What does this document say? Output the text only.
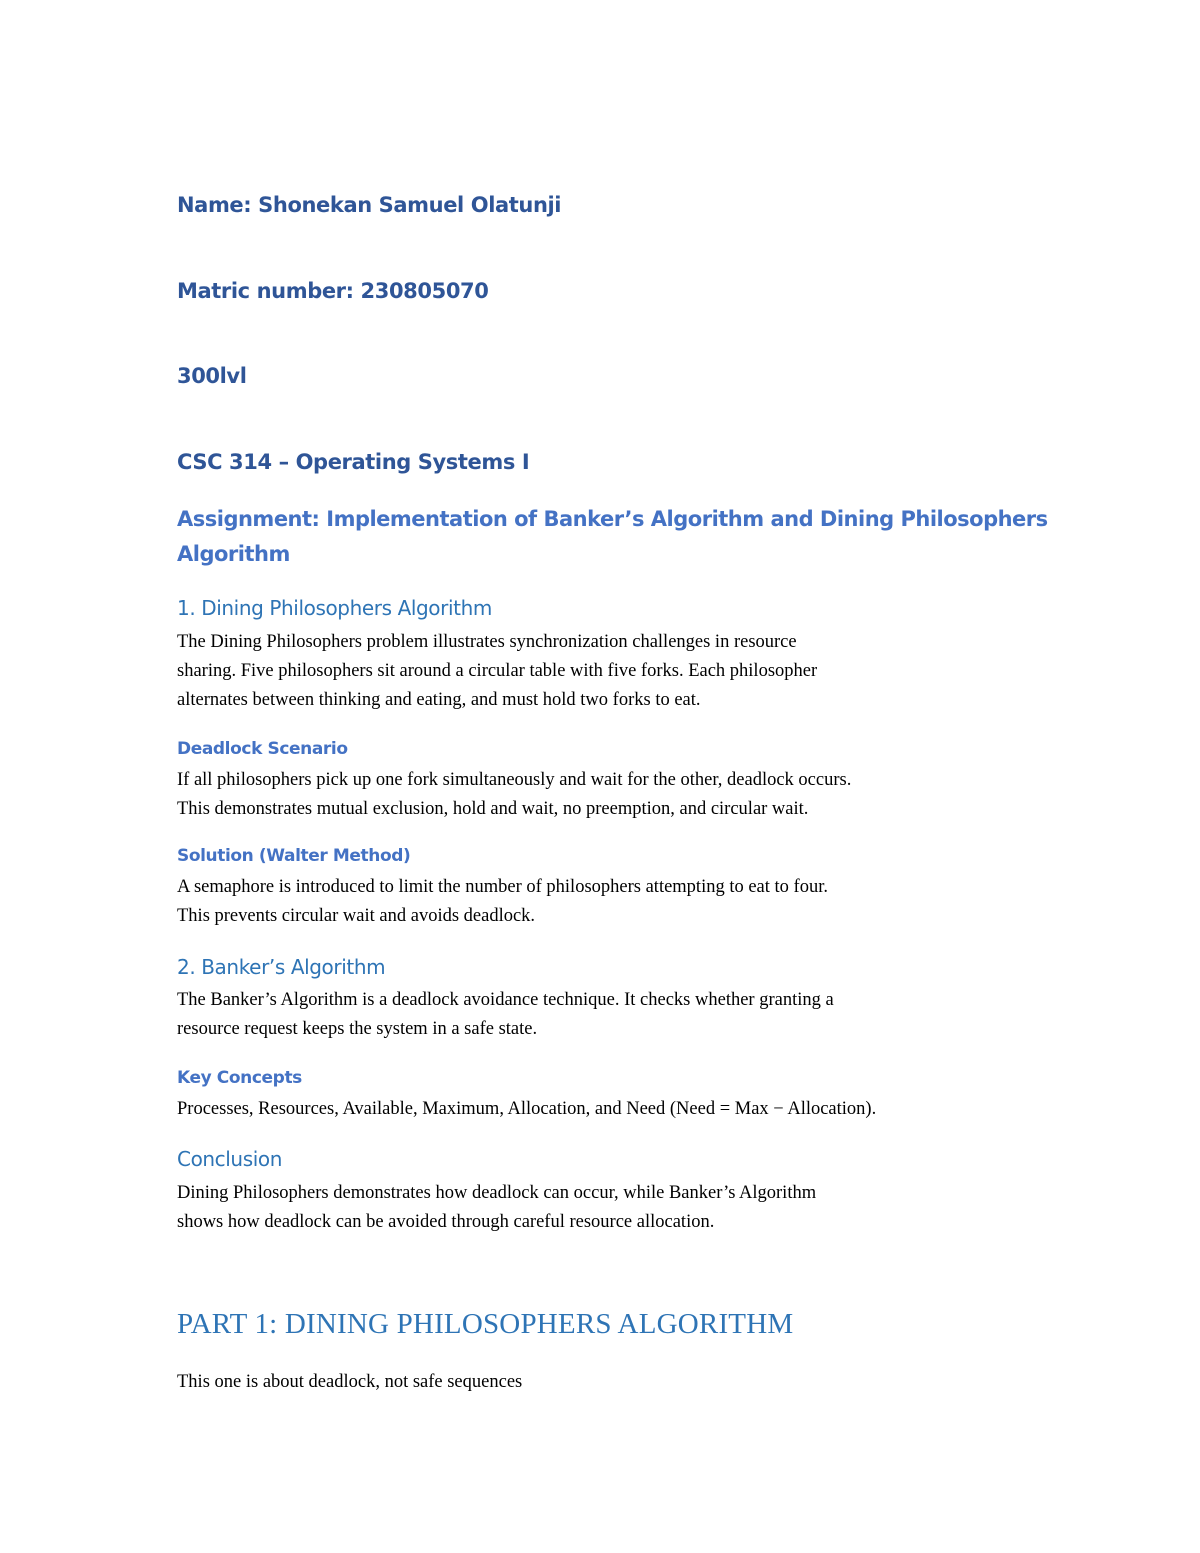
Name: Shonekan Samuel Olatunji

Matric number: 230805070

300lvl

CSC 314 – Operating Systems I

Assignment: Implementation of Banker’s Algorithm and Dining Philosophers
Algorithm

1. Dining Philosophers Algorithm

The Dining Philosophers problem illustrates synchronization challenges in resource
sharing. Five philosophers sit around a circular table with five forks. Each philosopher
alternates between thinking and eating, and must hold two forks to eat.

Deadlock Scenario

If all philosophers pick up one fork simultaneously and wait for the other, deadlock occurs.
This demonstrates mutual exclusion, hold and wait, no preemption, and circular wait.

Solution (Walter Method)

A semaphore is introduced to limit the number of philosophers attempting to eat to four.
This prevents circular wait and avoids deadlock.

2. Banker’s Algorithm

The Banker’s Algorithm is a deadlock avoidance technique. It checks whether granting a
resource request keeps the system in a safe state.

Key Concepts

Processes, Resources, Available, Maximum, Allocation, and Need (Need = Max − Allocation).

Conclusion

Dining Philosophers demonstrates how deadlock can occur, while Banker’s Algorithm
shows how deadlock can be avoided through careful resource allocation.

PART 1: DINING PHILOSOPHERS ALGORITHM

This one is about deadlock, not safe sequences
